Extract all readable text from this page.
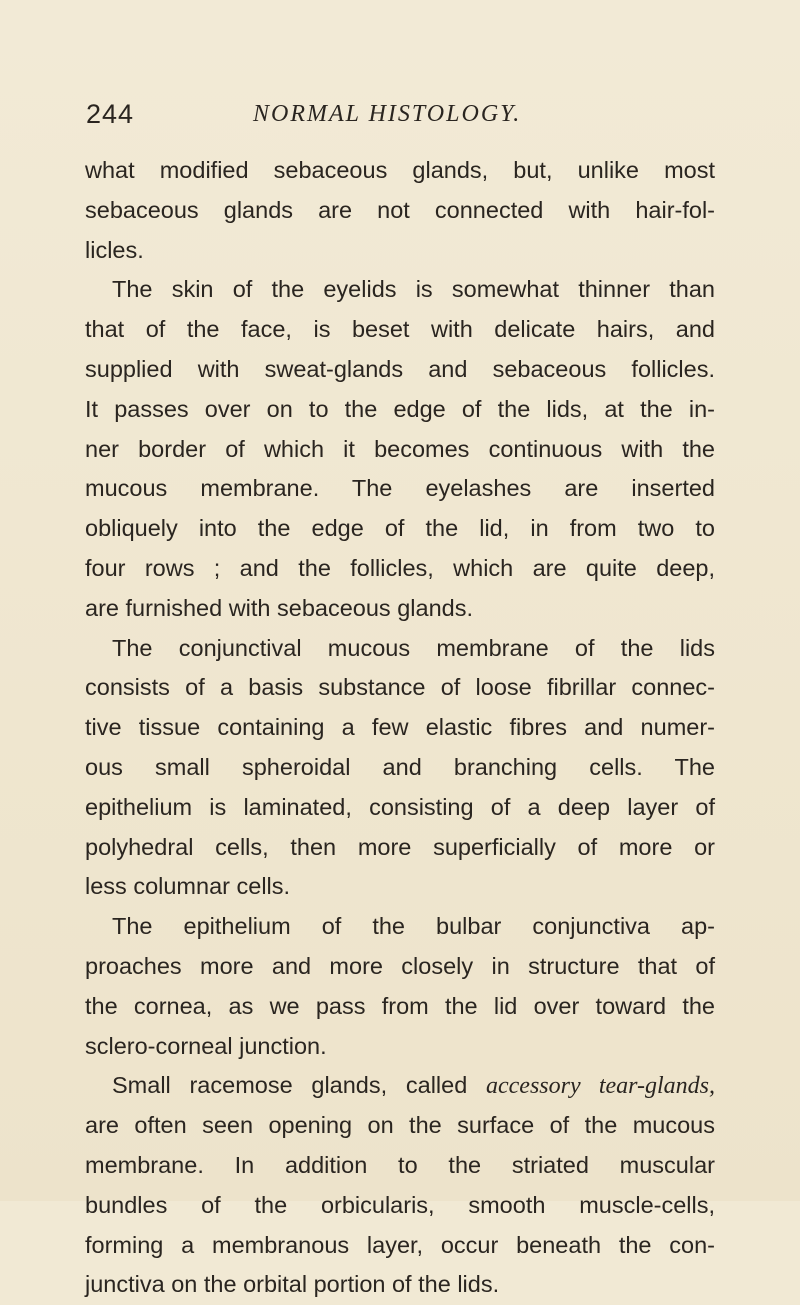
244	NORMAL HISTOLOGY.
what modified sebaceous glands, but, unlike most
sebaceous glands are not connected with hair-fol-
licles.
The skin of the eyelids is somewhat thinner than
that of the face, is beset with delicate hairs, and
supplied with sweat-glands and sebaceous follicles.
It passes over on to the edge of the lids, at the in-
ner border of which it becomes continuous with the
mucous membrane. The eyelashes are inserted
obliquely into the edge of the lid, in from two to
four rows ; and the follicles, which are quite deep,
are furnished with sebaceous glands.
The conjunctival mucous membrane of the lids
consists of a basis substance of loose fibrillar connec-
tive tissue containing a few elastic fibres and numer-
ous small spheroidal and branching cells. The
epithelium is laminated, consisting of a deep layer of
polyhedral cells, then more superficially of more or
less columnar cells.
The epithelium of the bulbar conjunctiva ap-
proaches more and more closely in structure that of
the cornea, as we pass from the lid over toward the
sclero-corneal junction.
Small racemose glands, called accessory tear-glands,
are often seen opening on the surface of the mucous
membrane. In addition to the striated muscular
bundles of the orbicularis, smooth muscle-cells,
forming a membranous layer, occur beneath the con-
junctiva on the orbital portion of the lids.
